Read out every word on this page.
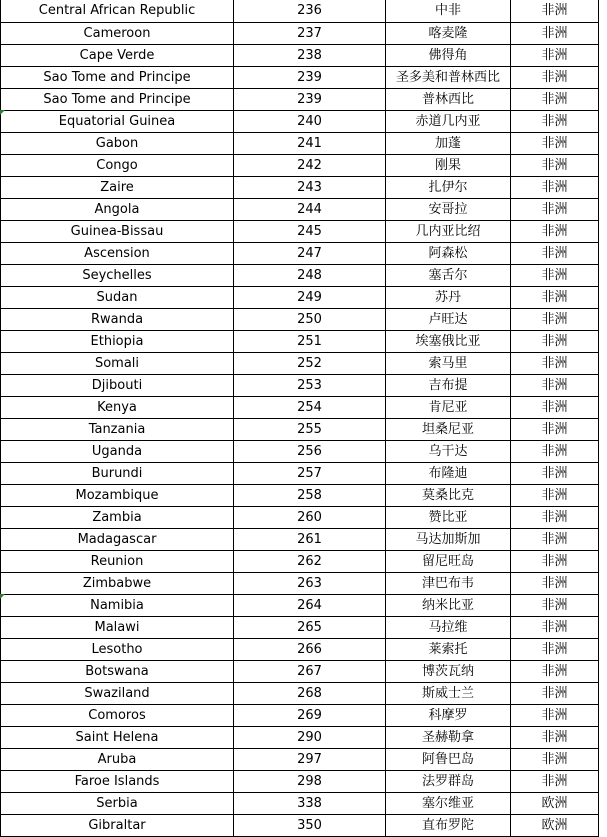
Central African Republic	236	中非	非洲
Cameroon	237	喀麦隆	非洲
Cape Verde	238	佛得角	非洲
Sao Tome and Principe	239	圣多美和普林西比	非洲
Sao Tome and Principe	239	普林西比	非洲
Equatorial Guinea	240	赤道几内亚	非洲
Gabon	241	加蓬	非洲
Congo	242	刚果	非洲
Zaire	243	扎伊尔	非洲
Angola	244	安哥拉	非洲
Guinea-Bissau	245	几内亚比绍	非洲
Ascension	247	阿森松	非洲
Seychelles	248	塞舌尔	非洲
Sudan	249	苏丹	非洲
Rwanda	250	卢旺达	非洲
Ethiopia	251	埃塞俄比亚	非洲
Somali	252	索马里	非洲
Djibouti	253	吉布提	非洲
Kenya	254	肯尼亚	非洲
Tanzania	255	坦桑尼亚	非洲
Uganda	256	乌干达	非洲
Burundi	257	布隆迪	非洲
Mozambique	258	莫桑比克	非洲
Zambia	260	赞比亚	非洲
Madagascar	261	马达加斯加	非洲
Reunion	262	留尼旺岛	非洲
Zimbabwe	263	津巴布韦	非洲
Namibia	264	纳米比亚	非洲
Malawi	265	马拉维	非洲
Lesotho	266	莱索托	非洲
Botswana	267	博茨瓦纳	非洲
Swaziland	268	斯威士兰	非洲
Comoros	269	科摩罗	非洲
Saint Helena	290	圣赫勒拿	非洲
Aruba	297	阿鲁巴岛	非洲
Faroe Islands	298	法罗群岛	非洲
Serbia	338	塞尔维亚	欧洲
Gibraltar	350	直布罗陀	欧洲
